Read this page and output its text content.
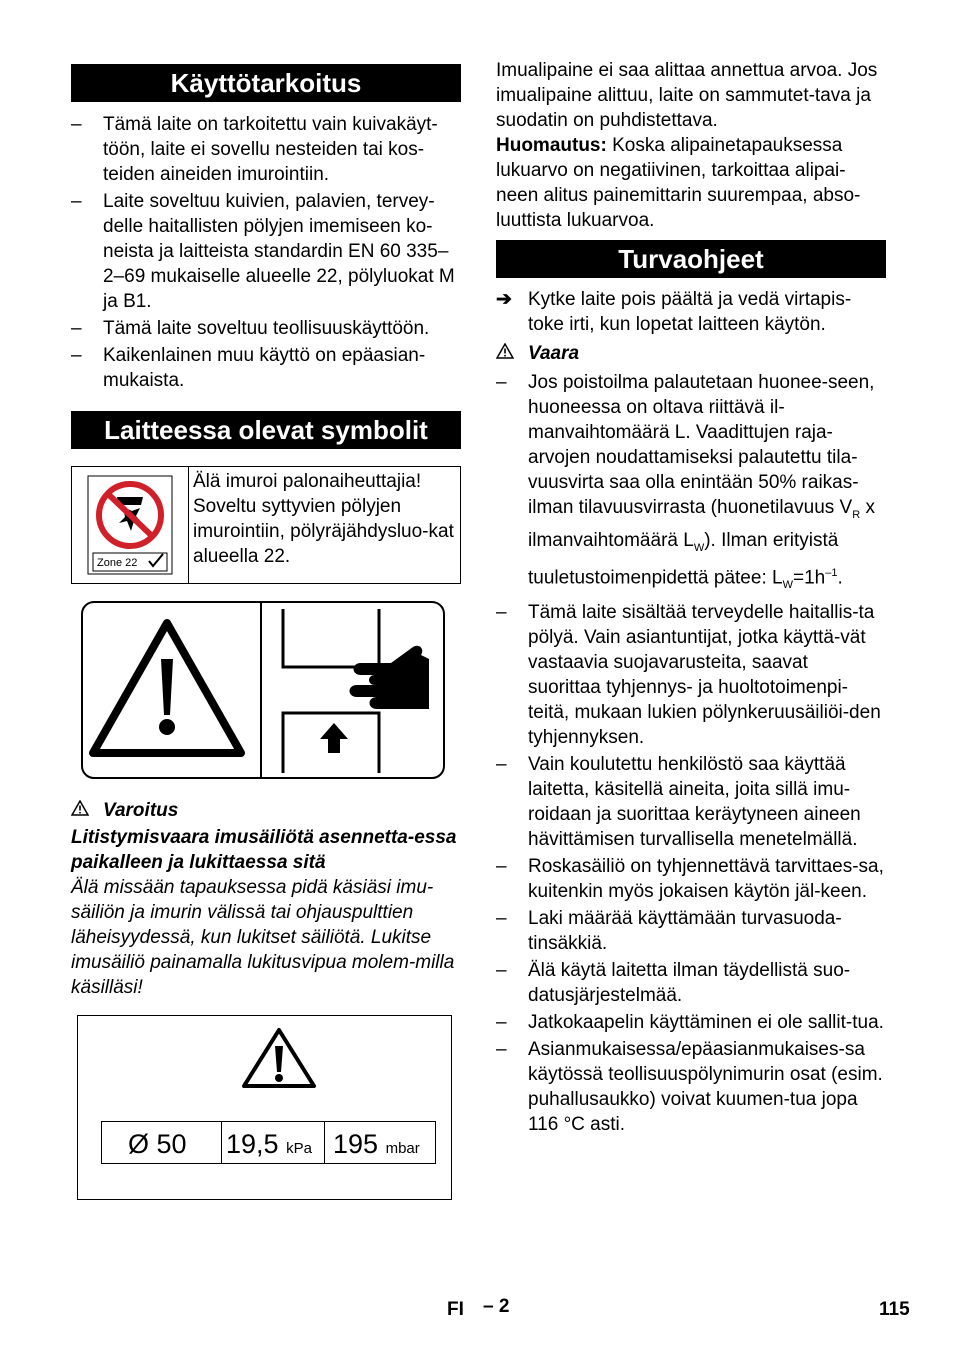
Käyttötarkoitus
–	Tämä laite on tarkoitettu vain kuivakäyt-töön, laite ei sovellu nesteiden tai kos-teiden aineiden imurointiin.
–	Laite soveltuu kuivien, palavien, tervey-delle haitallisten pölyjen imemiseen ko-neista ja laitteista standardin EN 60 335–2–69 mukaiselle alueelle 22, pölyluokat M ja B1.
–	Tämä laite soveltuu teollisuuskäyttöön.
–	Kaikenlainen muu käyttö on epäasian-mukaista.
Laitteessa olevat symbolit
Zone 22
Älä imuroi palonaiheuttajia! Soveltu syttyvien pölyjen imurointiin, pölyräjähdysluo-kat alueella 22.
Varoitus
Litistymisvaara imusäiliötä asennetta-essa paikalleen ja lukittaessa sitä
Älä missään tapauksessa pidä käsiäsi imu-säiliön ja imurin välissä tai ohjauspulttien läheisyydessä, kun lukitset säiliötä. Lukitse imusäiliö painamalla lukitusvipua molem-milla käsilläsi!
Ø 50	19,5 kPa 195 mbar
Imualipaine ei saa alittaa annettua arvoa. Jos imualipaine alittuu, laite on sammutet-tava ja suodatin on puhdistettava.
Huomautus: Koska alipainetapauksessa lukuarvo on negatiivinen, tarkoittaa alipai-neen alitus painemittarin suurempaa, abso-luuttista lukuarvoa.
Turvaohjeet
➔ Kytke laite pois päältä ja vedä virtapis-toke irti, kun lopetat laitteen käytön.
Vaara
–	Jos poistoilma palautetaan huonee-seen, huoneessa on oltava riittävä il-manvaihtomäärä L. Vaadittujen raja-arvojen noudattamiseksi palautettu tila-vuusvirta saa olla enintään 50% raikas-ilman tilavuusvirrasta (huonetilavuus $V_R$ x ilmanvaihtomäärä $L_W$). Ilman erityistä tuuletustoimenpidettä pätee: $L_W=1h^{-1}$.
–	Tämä laite sisältää terveydelle haitallis-ta pölyä. Vain asiantuntijat, jotka käyttä-vät vastaavia suojavarusteita, saavat suorittaa tyhjennys- ja huoltotoimenpi-teitä, mukaan lukien pölynkeruusäiliöi-den tyhjennyksen.
–	Vain koulutettu henkilöstö saa käyttää laitetta, käsitellä aineita, joita sillä imu-roidaan ja suorittaa keräytyneen aineen hävittämisen turvallisella menetelmällä.
–	Roskasäiliö on tyhjennettävä tarvittaes-sa, kuitenkin myös jokaisen käytön jäl-keen.
–	Laki määrää käyttämään turvasuoda-tinsäkkiä.
–	Älä käytä laitetta ilman täydellistä suo-datusjärjestelmää.
–	Jatkokaapelin käyttäminen ei ole sallit-tua.
–	Asianmukaisessa/epäasianmukaises-sa käytössä teollisuuspölynimurin osat (esim. puhallusaukko) voivat kuumen-tua jopa 116 °C asti.
FI – 2	115
